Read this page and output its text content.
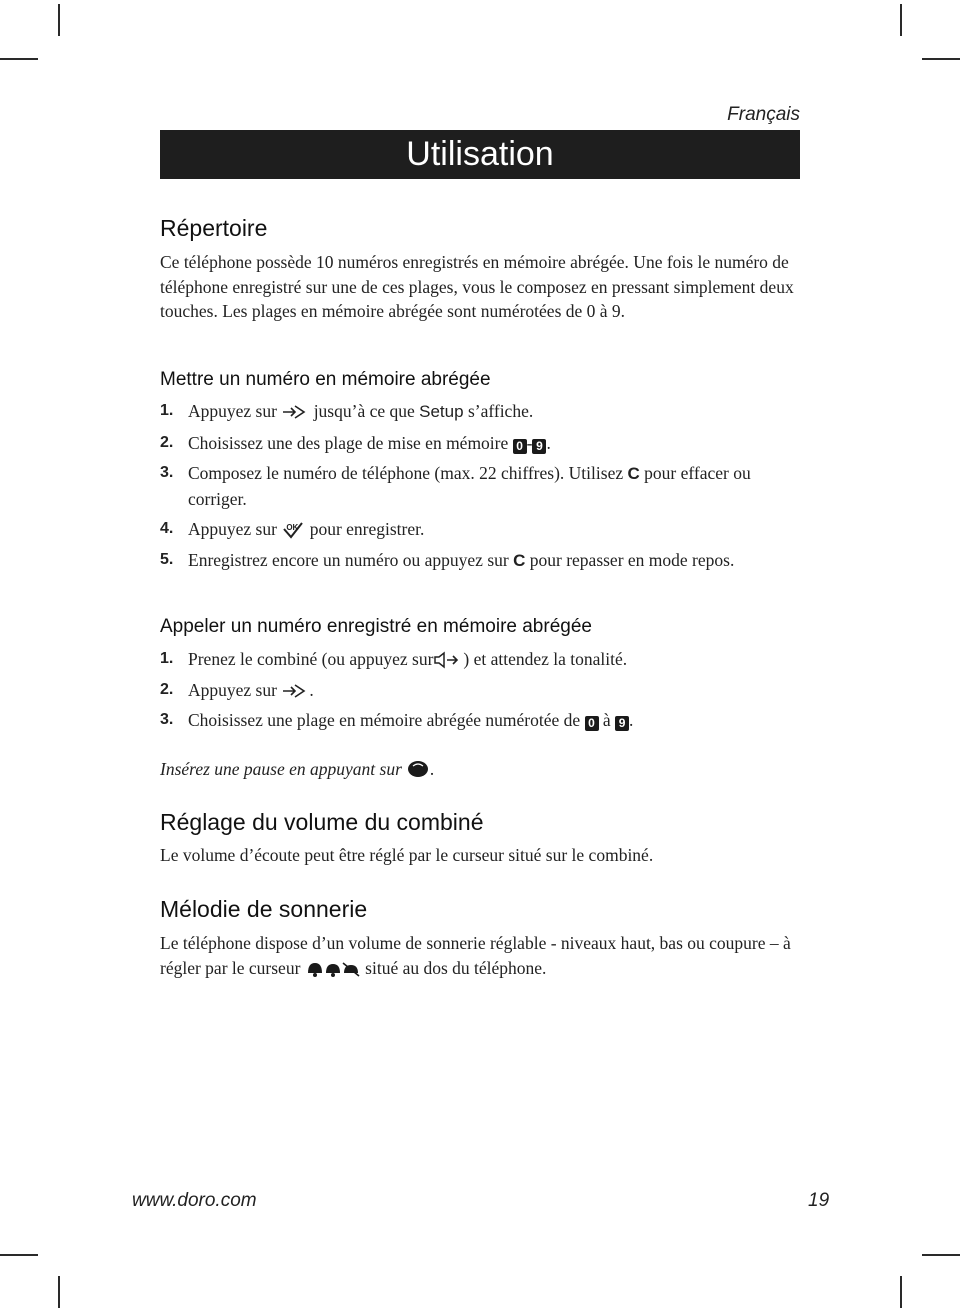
Français
Utilisation
Répertoire

Ce téléphone possède 10 numéros enregistrés en mémoire abrégée. Une fois le numéro de téléphone enregistré sur une de ces plages, vous le composez en pressant simplement deux touches. Les plages en mémoire abrégée sont numérotées de 0 à 9.

Mettre un numéro en mémoire abrégée
1. Appuyez sur jusqu’à ce que Setup s’affiche.
2. Choisissez une des plage de mise en mémoire 0 - 9 .
3. Composez le numéro de téléphone (max. 22 chiffres). Utilisez C pour effacer ou corriger.
4. Appuyez sur OK pour enregistrer.
5. Enregistrez encore un numéro ou appuyez sur C pour repasser en mode repos.
Appeler un numéro enregistré en mémoire abrégée
1. Prenez le combiné (ou appuyez sur ) et attendez la tonalité.
2. Appuyez sur .
3. Choisissez une plage en mémoire abrégée numérotée de 0 à 9 .

Insérez une pause en appuyant sur .

Réglage du volume du combiné

Le volume d’écoute peut être réglé par le curseur situé sur le combiné.

Mélodie de sonnerie

Le téléphone dispose d’un volume de sonnerie réglable - niveaux haut, bas ou coupure – à régler par le curseur	situé au dos du téléphone.

www.doro.com	19
